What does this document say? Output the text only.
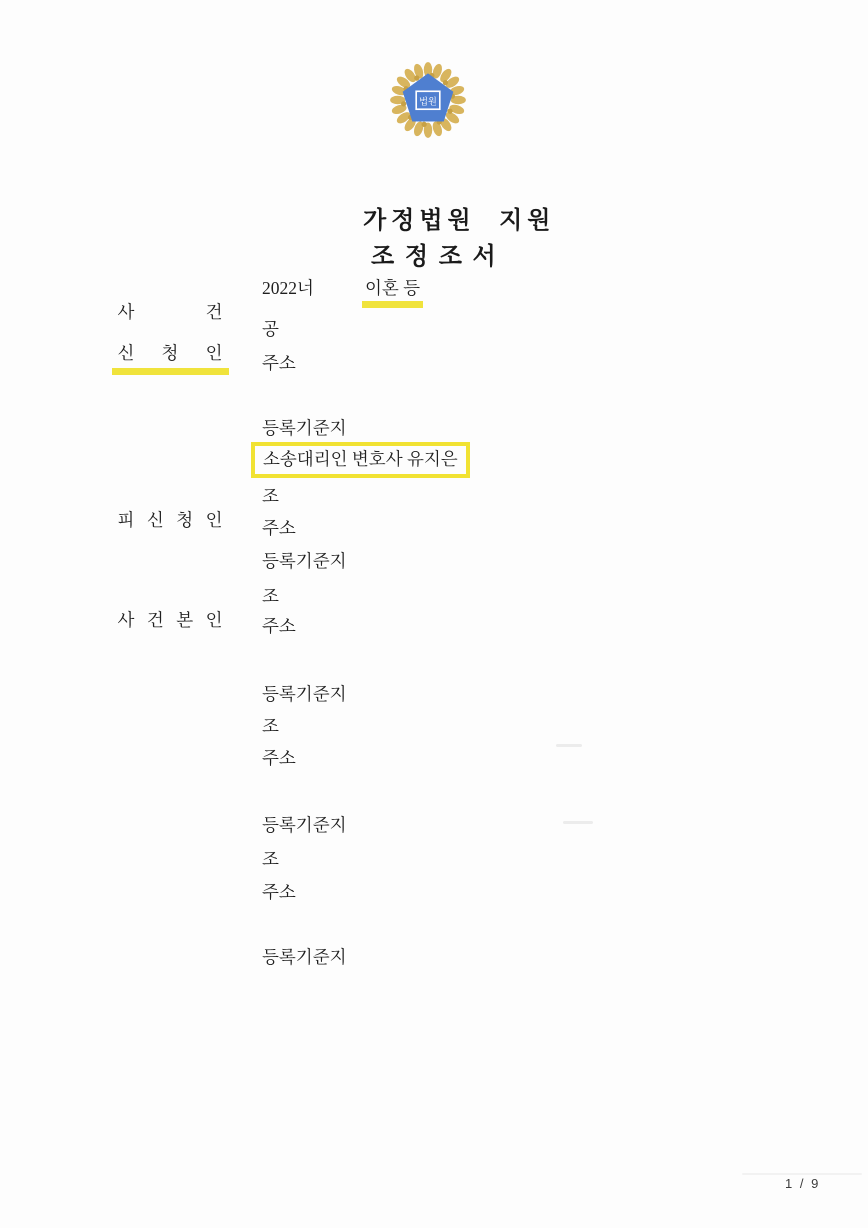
법원
가정법원  지원
조 정 조 서

사 건

2022너

	이혼 등

신 청 인

공

주소

등록기준지

소송대리인 변호사 유지은

피 신 청 인

조

주소

등록기준지

사 건 본 인

조

주소

등록기준지

조

주소

등록기준지

조

주소

등록기준지

1 / 9
